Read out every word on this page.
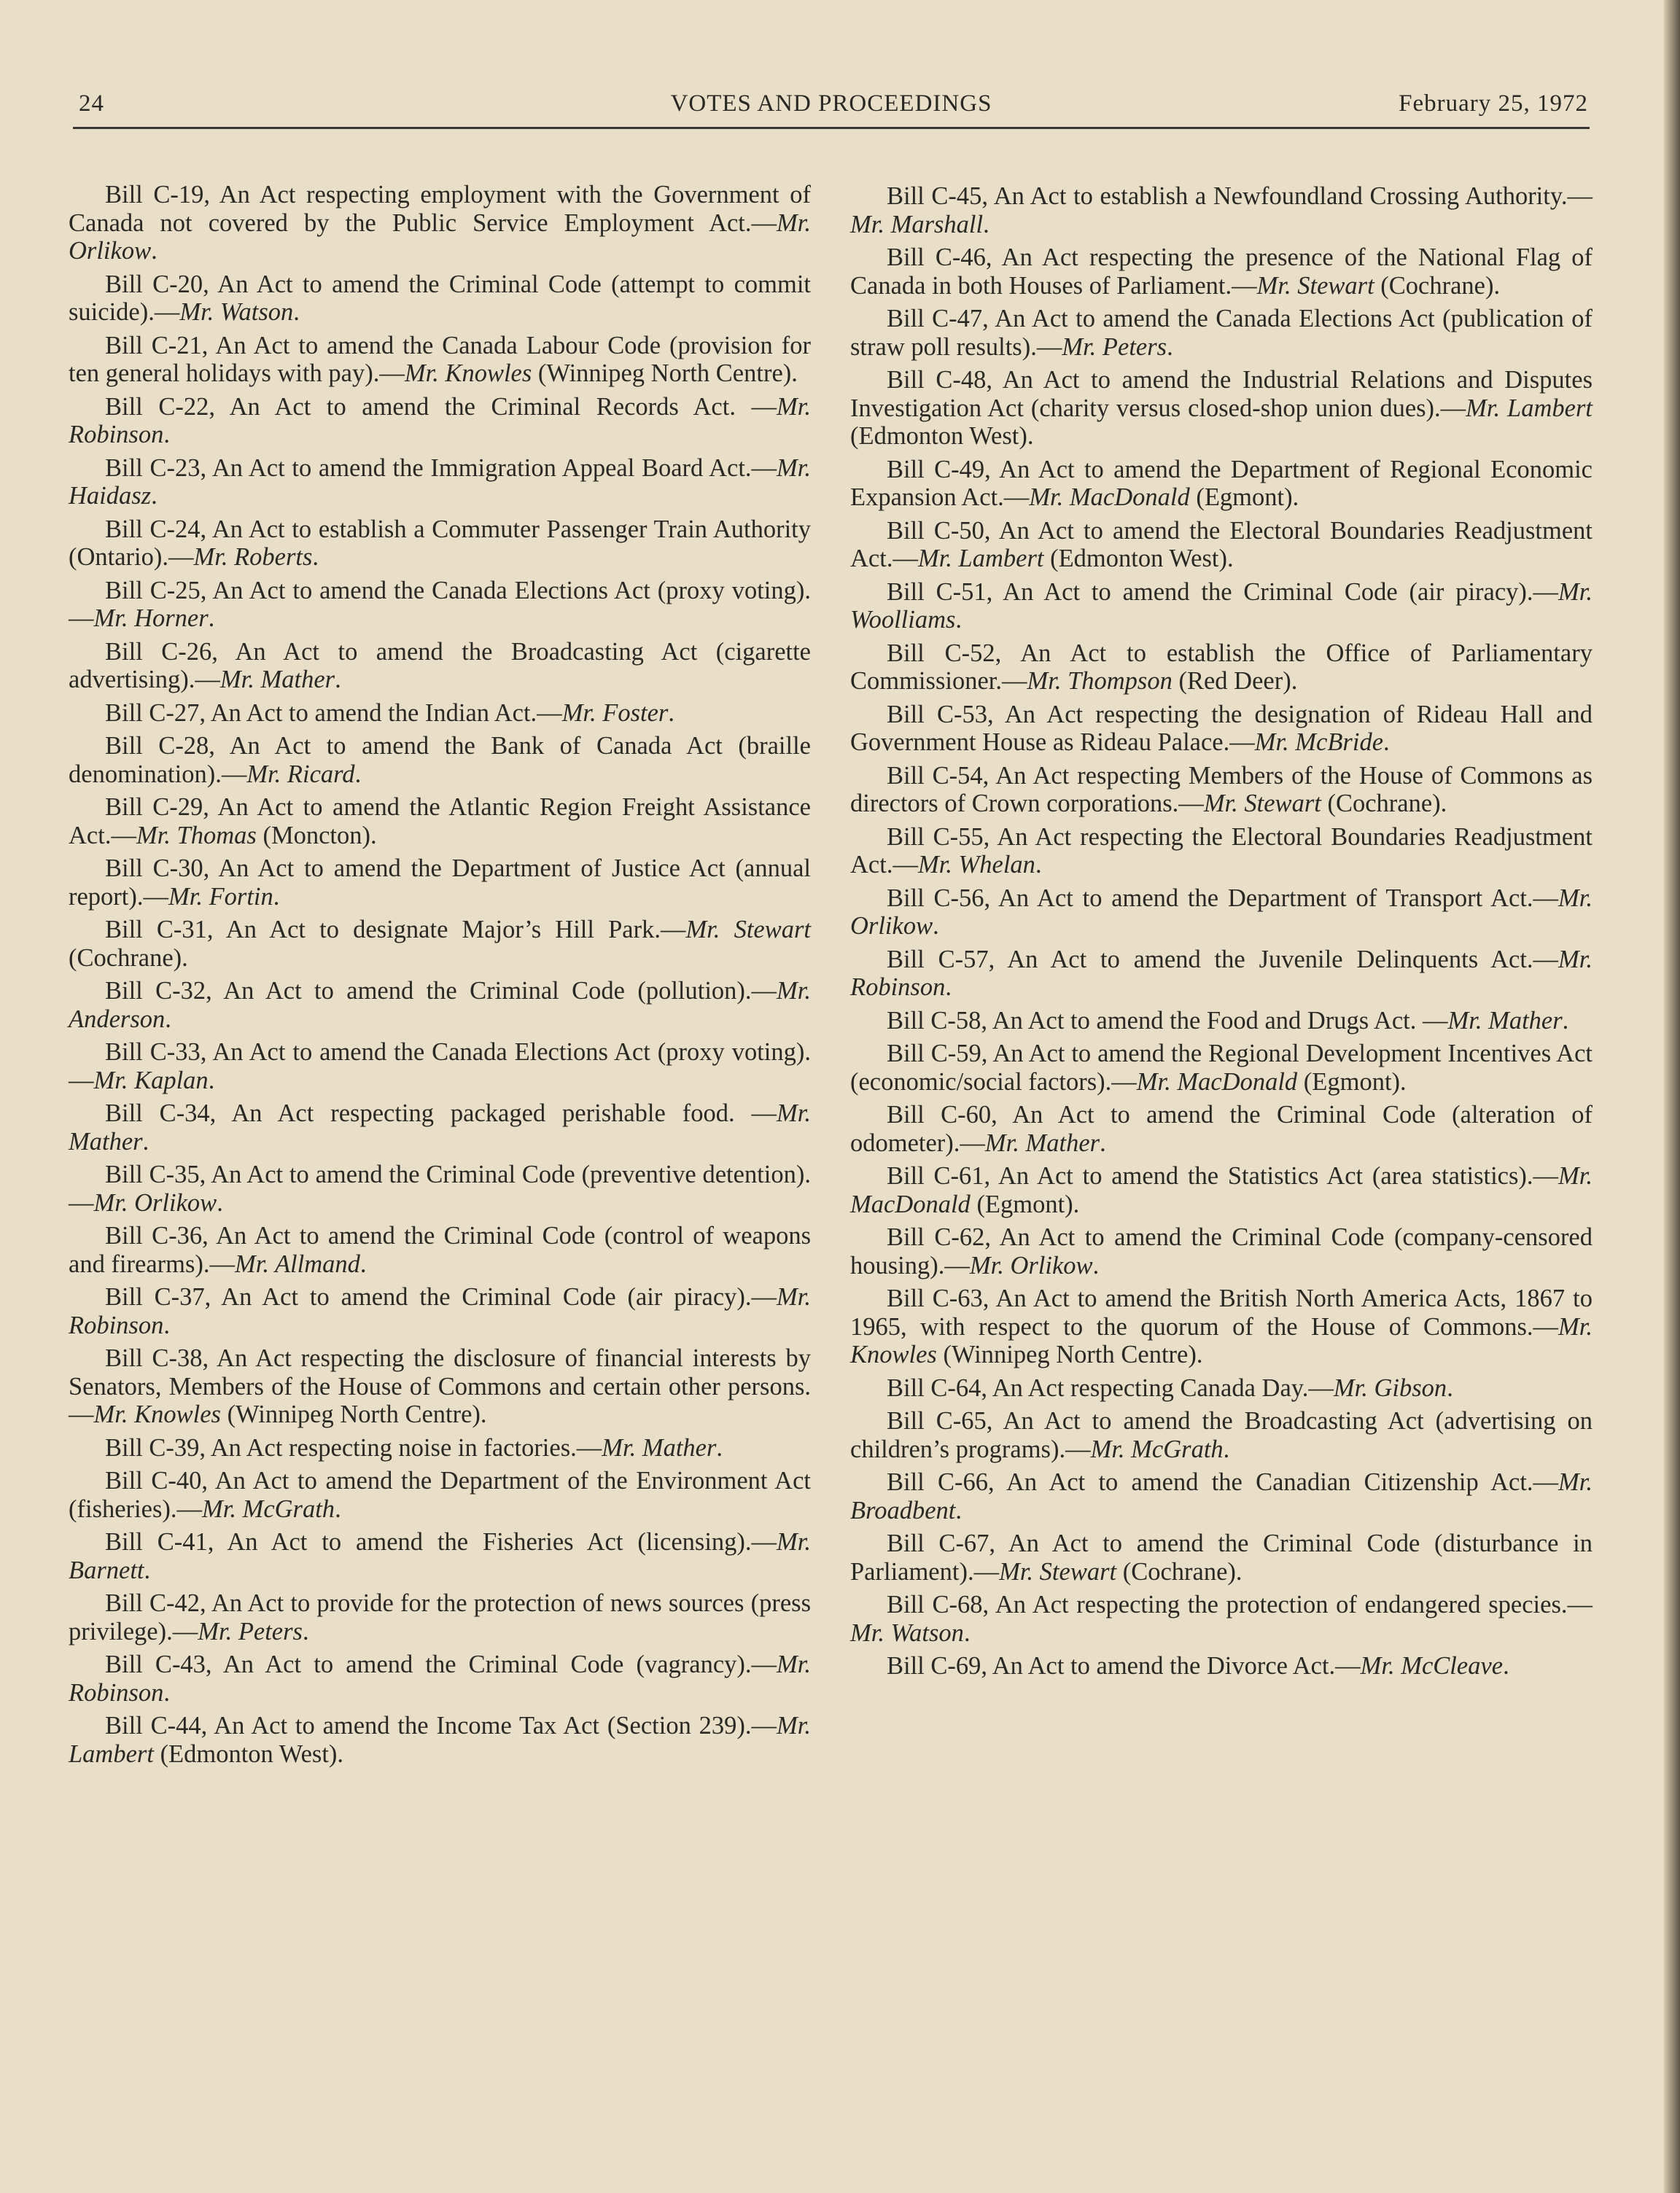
24	VOTES AND PROCEEDINGS	February 25, 1972

Bill C-19, An Act respecting employment with the Government of Canada not covered by the Public Service Employment Act.—Mr. Orlikow.

Bill C-20, An Act to amend the Criminal Code (attempt to commit suicide).—Mr. Watson.

Bill C-21, An Act to amend the Canada Labour Code (provision for ten general holidays with pay).—Mr. Knowles (Winnipeg North Centre).

Bill C-22, An Act to amend the Criminal Records Act. —Mr. Robinson.

Bill C-23, An Act to amend the Immigration Appeal Board Act.—Mr. Haidasz.

Bill C-24, An Act to establish a Commuter Passenger Train Authority (Ontario).—Mr. Roberts.

Bill C-25, An Act to amend the Canada Elections Act (proxy voting).—Mr. Horner.

Bill C-26, An Act to amend the Broadcasting Act (cigarette advertising).—Mr. Mather.

Bill C-27, An Act to amend the Indian Act.—Mr. Foster.

Bill C-28, An Act to amend the Bank of Canada Act (braille denomination).—Mr. Ricard.

Bill C-29, An Act to amend the Atlantic Region Freight Assistance Act.—Mr. Thomas (Moncton).

Bill C-30, An Act to amend the Department of Justice Act (annual report).—Mr. Fortin.

Bill C-31, An Act to designate Major’s Hill Park.—Mr. Stewart (Cochrane).

Bill C-32, An Act to amend the Criminal Code (pollution).—Mr. Anderson.

Bill C-33, An Act to amend the Canada Elections Act (proxy voting).—Mr. Kaplan.

Bill C-34, An Act respecting packaged perishable food. —Mr. Mather.

Bill C-35, An Act to amend the Criminal Code (preventive detention).—Mr. Orlikow.

Bill C-36, An Act to amend the Criminal Code (control of weapons and firearms).—Mr. Allmand.

Bill C-37, An Act to amend the Criminal Code (air piracy).—Mr. Robinson.

Bill C-38, An Act respecting the disclosure of financial interests by Senators, Members of the House of Commons and certain other persons.—Mr. Knowles (Winnipeg North Centre).

Bill C-39, An Act respecting noise in factories.—Mr. Mather.

Bill C-40, An Act to amend the Department of the Environment Act (fisheries).—Mr. McGrath.

Bill C-41, An Act to amend the Fisheries Act (licensing).—Mr. Barnett.

Bill C-42, An Act to provide for the protection of news sources (press privilege).—Mr. Peters.

Bill C-43, An Act to amend the Criminal Code (vagrancy).—Mr. Robinson.

Bill C-44, An Act to amend the Income Tax Act (Section 239).—Mr. Lambert (Edmonton West).

Bill C-45, An Act to establish a Newfoundland Crossing Authority.—Mr. Marshall.

Bill C-46, An Act respecting the presence of the National Flag of Canada in both Houses of Parliament.—Mr. Stewart (Cochrane).

Bill C-47, An Act to amend the Canada Elections Act (publication of straw poll results).—Mr. Peters.

Bill C-48, An Act to amend the Industrial Relations and Disputes Investigation Act (charity versus closed-shop union dues).—Mr. Lambert (Edmonton West).

Bill C-49, An Act to amend the Department of Regional Economic Expansion Act.—Mr. MacDonald (Egmont).

Bill C-50, An Act to amend the Electoral Boundaries Readjustment Act.—Mr. Lambert (Edmonton West).

Bill C-51, An Act to amend the Criminal Code (air piracy).—Mr. Woolliams.

Bill C-52, An Act to establish the Office of Parliamentary Commissioner.—Mr. Thompson (Red Deer).

Bill C-53, An Act respecting the designation of Rideau Hall and Government House as Rideau Palace.—Mr. McBride.

Bill C-54, An Act respecting Members of the House of Commons as directors of Crown corporations.—Mr. Stewart (Cochrane).

Bill C-55, An Act respecting the Electoral Boundaries Readjustment Act.—Mr. Whelan.

Bill C-56, An Act to amend the Department of Transport Act.—Mr. Orlikow.

Bill C-57, An Act to amend the Juvenile Delinquents Act.—Mr. Robinson.

Bill C-58, An Act to amend the Food and Drugs Act. —Mr. Mather.

Bill C-59, An Act to amend the Regional Development Incentives Act (economic/social factors).—Mr. MacDonald (Egmont).

Bill C-60, An Act to amend the Criminal Code (alteration of odometer).—Mr. Mather.

Bill C-61, An Act to amend the Statistics Act (area statistics).—Mr. MacDonald (Egmont).

Bill C-62, An Act to amend the Criminal Code (company-censored housing).—Mr. Orlikow.

Bill C-63, An Act to amend the British North America Acts, 1867 to 1965, with respect to the quorum of the House of Commons.—Mr. Knowles (Winnipeg North Centre).

Bill C-64, An Act respecting Canada Day.—Mr. Gibson.

Bill C-65, An Act to amend the Broadcasting Act (advertising on children’s programs).—Mr. McGrath.

Bill C-66, An Act to amend the Canadian Citizenship Act.—Mr. Broadbent.

Bill C-67, An Act to amend the Criminal Code (disturbance in Parliament).—Mr. Stewart (Cochrane).

Bill C-68, An Act respecting the protection of endangered species.—Mr. Watson.

Bill C-69, An Act to amend the Divorce Act.—Mr. McCleave.
